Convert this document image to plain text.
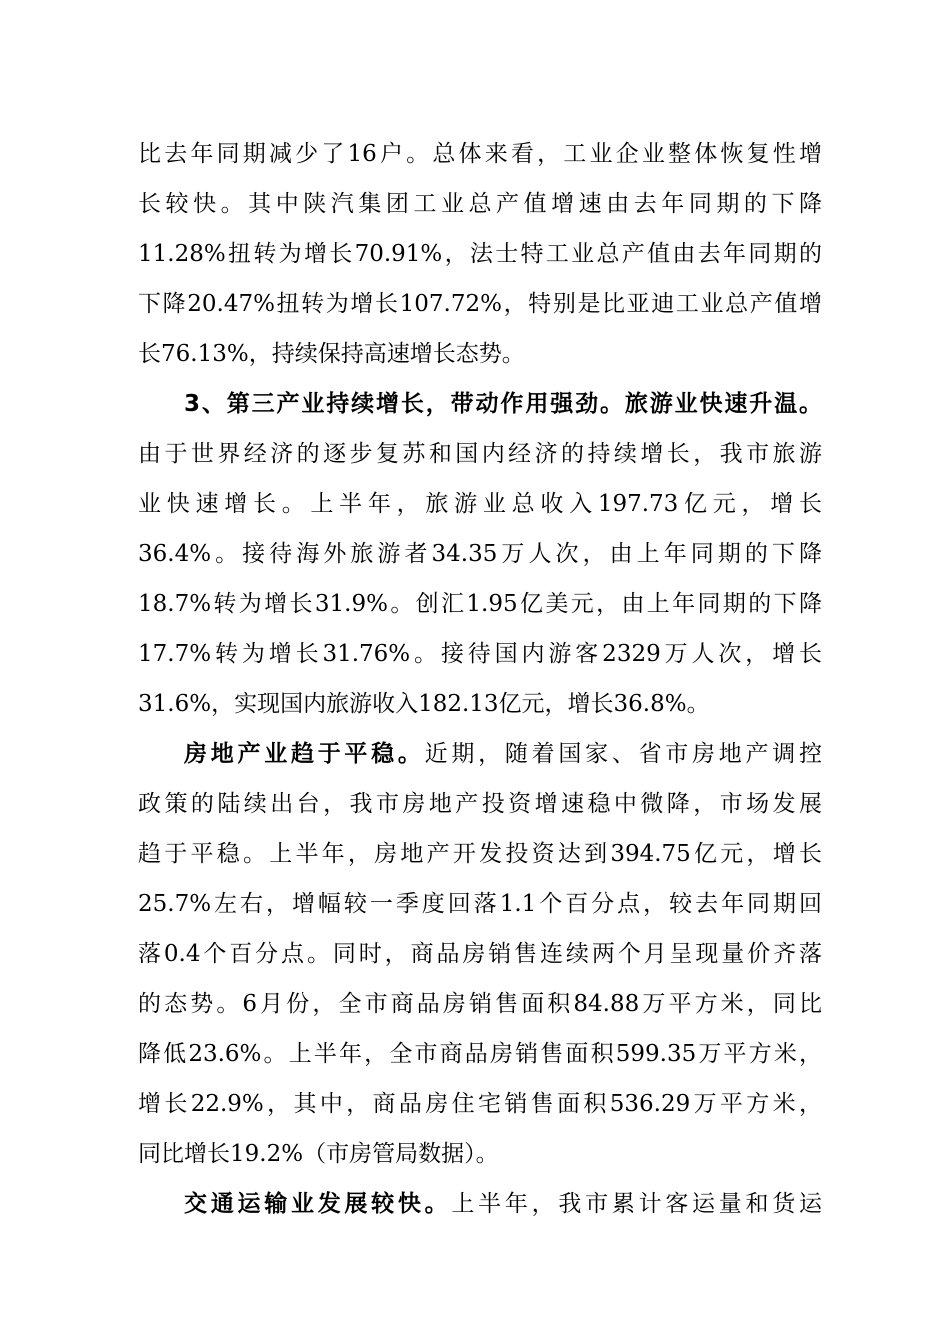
比去年同期减少了16户。总体来看，工业企业整体恢复性增
长较快。其中陕汽集团工业总产值增速由去年同期的下降
11.28%扭转为增长70.91%，法士特工业总产值由去年同期的
下降20.47%扭转为增长107.72%，特别是比亚迪工业总产值增
长76.13%，持续保持高速增长态势。
3、第三产业持续增长，带动作用强劲。旅游业快速升温。
由于世界经济的逐步复苏和国内经济的持续增长，我市旅游
业快速增长。上半年，旅游业总收入197.73亿元，增长
36.4%。接待海外旅游者34.35万人次，由上年同期的下降
18.7%转为增长31.9%。创汇1.95亿美元，由上年同期的下降
17.7%转为增长31.76%。接待国内游客2329万人次，增长
31.6%，实现国内旅游收入182.13亿元，增长36.8%。
房地产业趋于平稳。近期，随着国家、省市房地产调控
政策的陆续出台，我市房地产投资增速稳中微降，市场发展
趋于平稳。上半年，房地产开发投资达到394.75亿元，增长
25.7%左右，增幅较一季度回落1.1个百分点，较去年同期回
落0.4个百分点。同时，商品房销售连续两个月呈现量价齐落
的态势。6月份，全市商品房销售面积84.88万平方米，同比
降低23.6%。上半年，全市商品房销售面积599.35万平方米，
增长22.9%，其中，商品房住宅销售面积536.29万平方米，
同比增长19.2%（市房管局数据）。
交通运输业发展较快。上半年，我市累计客运量和货运
